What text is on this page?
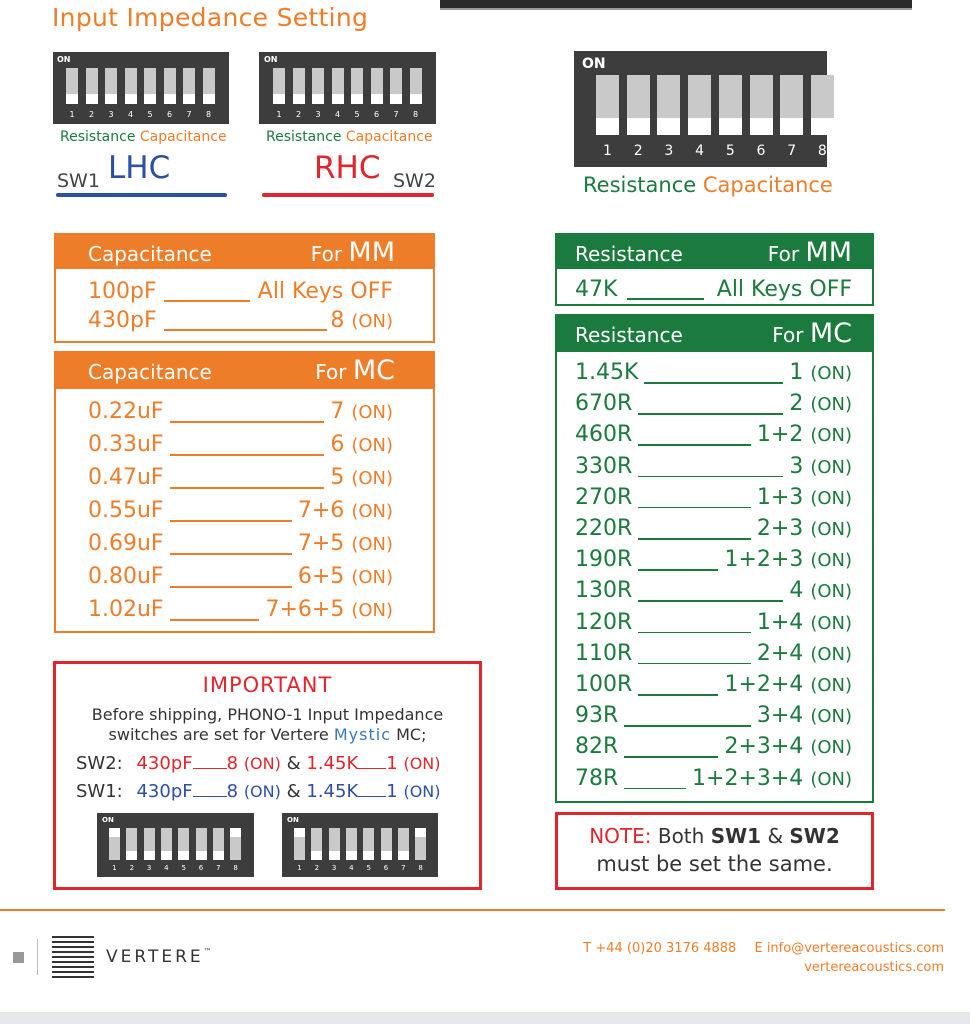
Input Impedance Setting
ON
1	2	3	4	5	6	7	8
ON
1	2	3	4	5	6	7	8
ON
1	2	3	4	5	6	7	8
ON
1	2	3	4	5	6	7	8
ON
1	2	3	4	5	6	7	8
Resistance Capacitance	Resistance Capacitance
Resistance Capacitance
SW1 LHC	RHC SW2
Capacitance	For MM
100pF	All Keys OFF
430pF	8 (ON)
Capacitance	For MC
0.22uF	7 (ON)
0.33uF	6 (ON)
0.47uF	5 (ON)
0.55uF	7+6 (ON)
0.69uF	7+5 (ON)
0.80uF	6+5 (ON)
1.02uF	7+6+5 (ON)
Resistance	For MM
47K	All Keys OFF
Resistance	For MC
1.45K	1 (ON)
670R	2 (ON)
460R	1+2 (ON)
330R	3 (ON)
270R	1+3 (ON)
220R	2+3 (ON)
190R	1+2+3 (ON)
130R	4 (ON)
120R	1+4 (ON)
110R	2+4 (ON)
100R	1+2+4 (ON)
93R	3+4 (ON)
82R	2+3+4 (ON)
78R	1+2+3+4 (ON)
IMPORTANT
Before shipping, PHONO-1 Input Impedance
switches are set for Vertere Mystic MC;
SW2: 430pF 8 (ON) & 1.45K 1 (ON)
SW1: 430pF 8 (ON) & 1.45K 1 (ON)
NOTE: Both SW1 & SW2
must be set the same.
VERTERE™	T +44 (0)20 3176 4888 E info@vertereacoustics.com
vertereacoustics.com
